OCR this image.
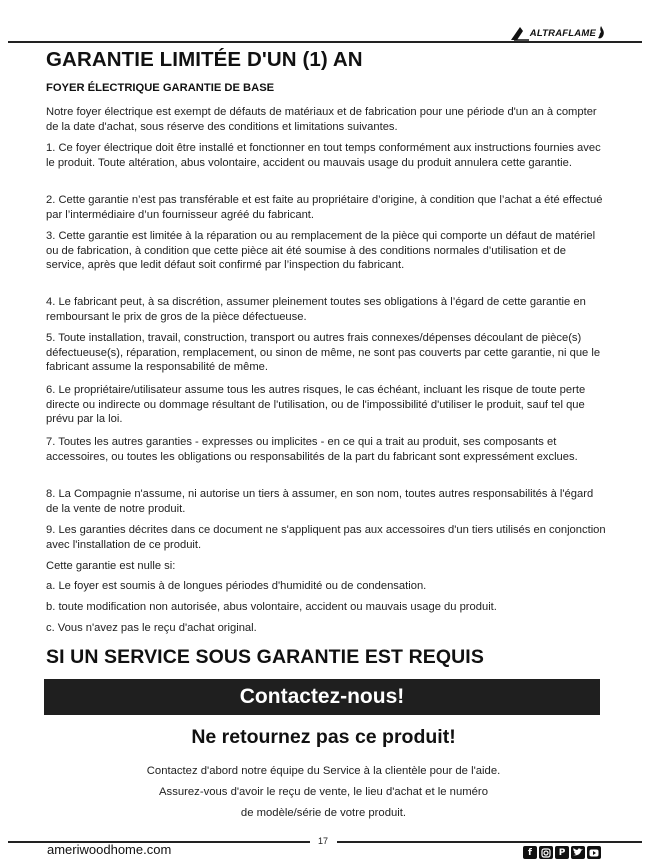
ALTRAFLAME
GARANTIE LIMITÉE D'UN (1) AN
FOYER ÉLECTRIQUE GARANTIE DE BASE

Notre foyer électrique est exempt de défauts de matériaux et de fabrication pour une période d'un an à compter de la date d'achat, sous réserve des conditions et limitations suivantes.

1. Ce foyer électrique doit être installé et fonctionner en tout temps conformément aux instructions fournies avec le produit. Toute altération, abus volontaire, accident ou mauvais usage du produit annulera cette garantie.

2. Cette garantie n’est pas transférable et est faite au propriétaire d’origine, à condition que l’achat a été effectué par l’intermédiaire d’un fournisseur agréé du fabricant.

3. Cette garantie est limitée à la réparation ou au remplacement de la pièce qui comporte un défaut de matériel ou de fabrication, à condition que cette pièce ait été soumise à des conditions normales d’utilisation et de service, après que ledit défaut soit confirmé par l’inspection du fabricant.

4. Le fabricant peut, à sa discrétion, assumer pleinement toutes ses obligations à l’égard de cette garantie en remboursant le prix de gros de la pièce défectueuse.

5. Toute installation, travail, construction, transport ou autres frais connexes/dépenses découlant de pièce(s) défectueuse(s), réparation, remplacement, ou sinon de même, ne sont pas couverts par cette garantie, ni que le fabricant assume la responsabilité de même.

6. Le propriétaire/utilisateur assume tous les autres risques, le cas échéant, incluant les risque de toute perte directe ou indirecte ou dommage résultant de l'utilisation, ou de l'impossibilité d'utiliser le produit, sauf tel que prévu par la loi.

7. Toutes les autres garanties - expresses ou implicites - en ce qui a trait au produit, ses composants et accessoires, ou toutes les obligations ou responsabilités de la part du fabricant sont expressément exclues.

8. La Compagnie n'assume, ni autorise un tiers à assumer, en son nom, toutes autres responsabilités à l'égard de la vente de notre produit.

9. Les garanties décrites dans ce document ne s'appliquent pas aux accessoires d'un tiers utilisés en conjonction avec l'installation de ce produit.

Cette garantie est nulle si:

a. Le foyer est soumis à de longues périodes d'humidité ou de condensation.

b. toute modification non autorisée, abus volontaire, accident ou mauvais usage du produit.

c. Vous n'avez pas le reçu d'achat original.

SI UN SERVICE SOUS GARANTIE EST REQUIS
Contactez-nous!
Ne retournez pas ce produit!
Contactez d'abord notre équipe du Service à la clientèle pour de l'aide.
Assurez-vous d'avoir le reçu de vente, le lieu d'achat et le numéro
de modèle/série de votre produit.
17
ameriwoodhome.com	f	P
